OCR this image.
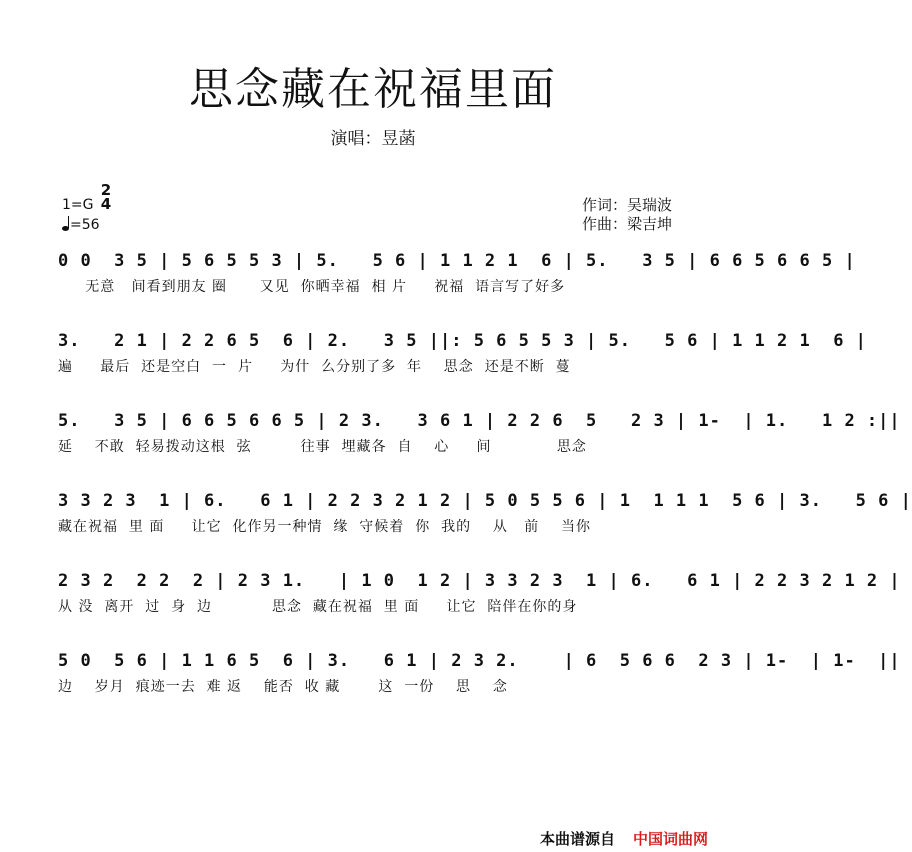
思念藏在祝福里面
演唱：昱菡
1=G
2
4
=56
作词：吴瑞波
作曲：梁吉坤
0 0  3 5 | 5 6 5 5 3 | 5.   5 6 | 1 1 2 1  6 | 5.   3 5 | 6 6 5 6 6 5 |
无意   间看到朋友 圈      又见  你晒幸福  相 片     祝福  语言写了好多
3.   2 1 | 2 2 6 5  6 | 2.   3 5 ||: 5 6 5 5 3 | 5.   5 6 | 1 1 2 1  6 |
遍     最后  还是空白  一  片     为什  么分别了多  年    思念  还是不断  蔓
5.   3 5 | 6 6 5 6 6 5 | 2 3.   3 6 1 | 2 2 6  5   2 3 | 1-  | 1.   1 2 :||
延    不敢  轻易拨动这根  弦         往事  埋藏各  自    心     间            思念
3 3 2 3  1 | 6.   6 1 | 2 2 3 2 1 2 | 5 0 5 5 6 | 1  1 1 1  5 6 | 3.   5 6 |
藏在祝福  里 面     让它  化作另一种情  缘  守候着  你  我的    从   前    当你
2 3 2  2 2  2 | 2 3 1.   | 1 0  1 2 | 3 3 2 3  1 | 6.   6 1 | 2 2 3 2 1 2 |
从 没  离开  过  身  边           思念  藏在祝福  里 面     让它  陪伴在你的身
5 0  5 6 | 1 1 6 5  6 | 3.   6 1 | 2 3 2.    | 6  5 6 6  2 3 | 1-  | 1-  ||
边    岁月  痕迹一去  难 返    能否  收 藏       这  一份    思    念
本曲谱源自 中国词曲网
